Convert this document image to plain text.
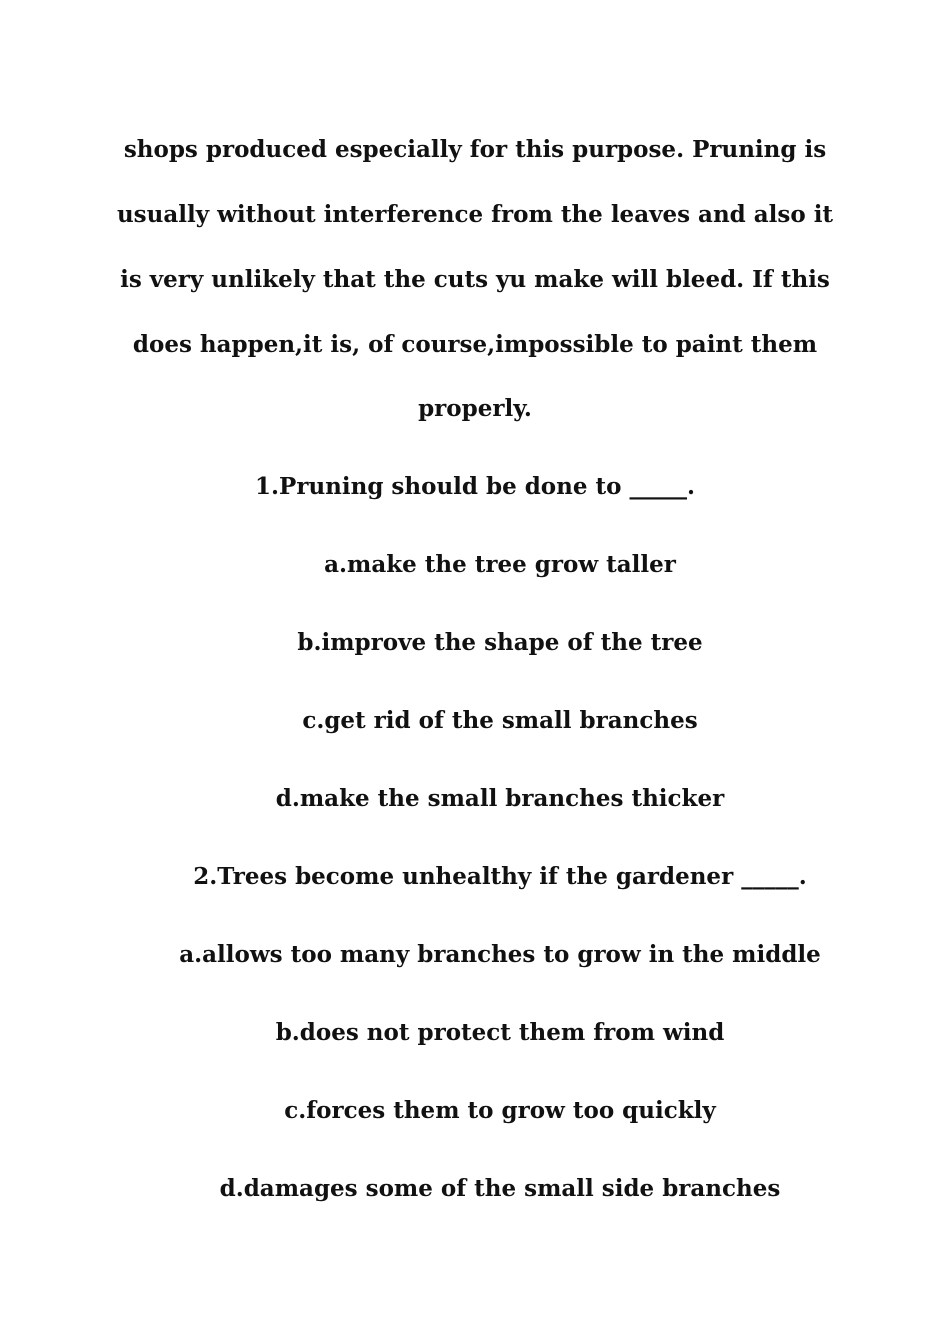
shops produced especially for this purpose. Pruning is
usually without interference from the leaves and also it
is very unlikely that the cuts yu make will bleed. If this
does happen,it is, of course,impossible to paint them
properly.
1.Pruning should be done to _____.
a.make the tree grow taller
b.improve the shape of the tree
c.get rid of the small branches
d.make the small branches thicker
2.Trees become unhealthy if the gardener _____.
a.allows too many branches to grow in the middle
b.does not protect them from wind
c.forces them to grow too quickly
d.damages some of the small side branches
